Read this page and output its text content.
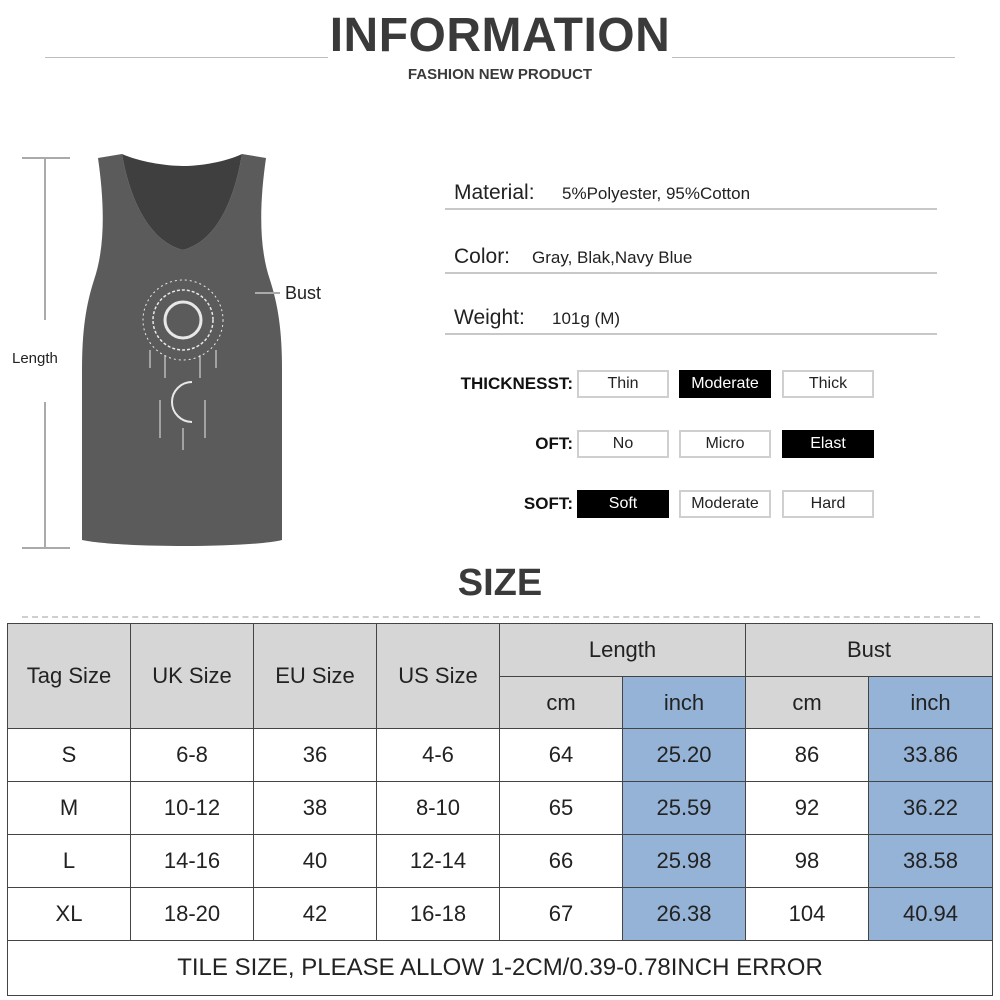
INFORMATION
FASHION NEW PRODUCT
Length
Bust
Material: 5%Polyester, 95%Cotton
Color: Gray, Blak,Navy Blue
Weight: 101g (M)
THICKNESST:	Thin	Moderate	Thick
OFT:	No	Micro	Elast
SOFT:	Soft	Moderate	Hard
SIZE
Tag Size	UK Size	EU Size	US Size
Length	Bust
cm	inch	cm	inch
S	6-8	36	4-6	64	25.20	86	33.86
M	10-12	38	8-10	65	25.59	92	36.22
L	14-16	40	12-14	66	25.98	98	38.58
XL	18-20	42	16-18	67	26.38	104	40.94
TILE SIZE, PLEASE ALLOW 1-2CM/0.39-0.78INCH ERROR
